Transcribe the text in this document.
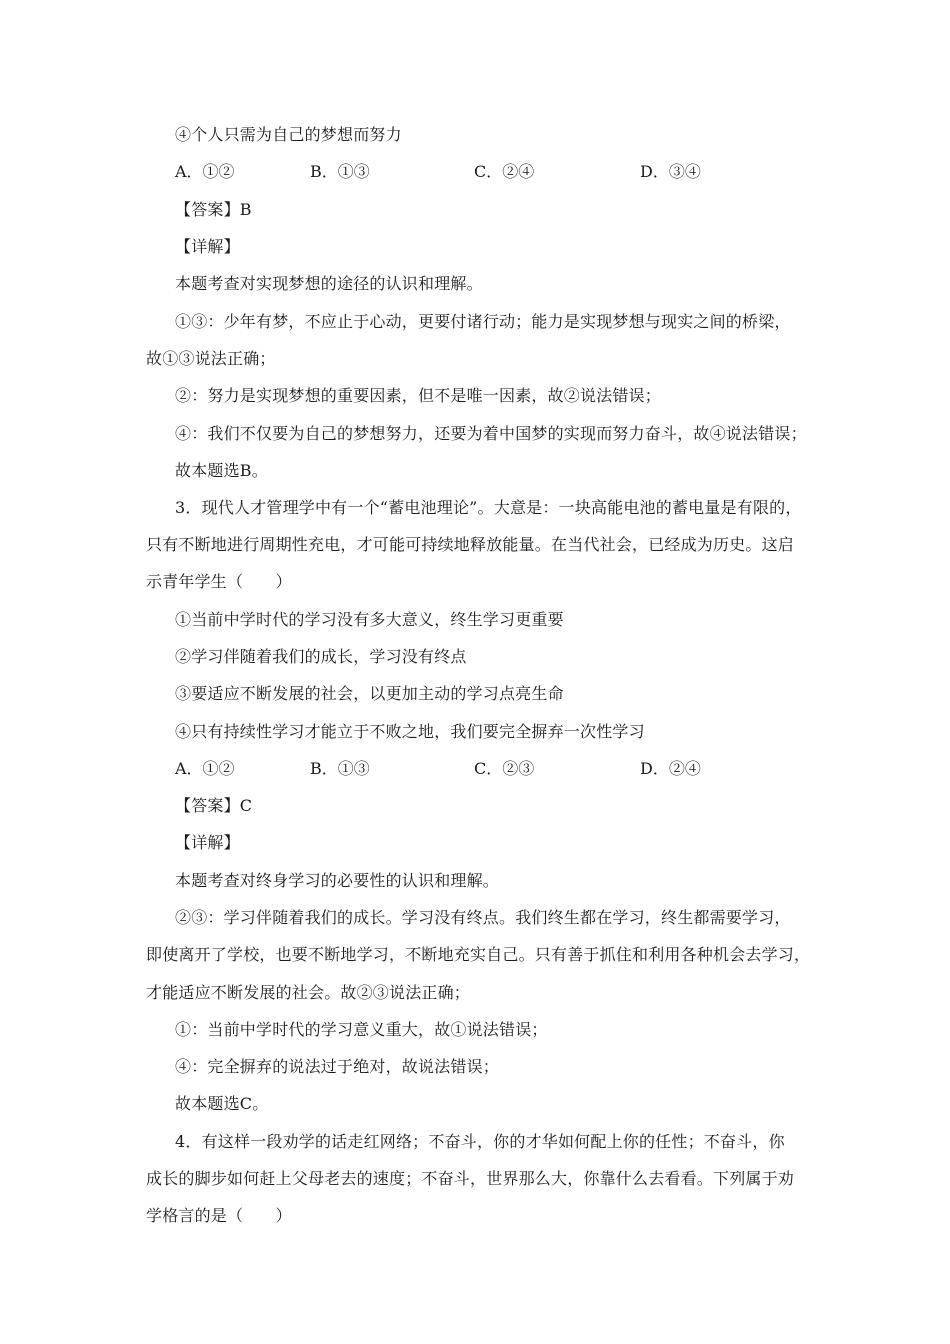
④个人只需为自己的梦想而努力
A．①②	B．①③	C．②④	D．③④
【答案】B
【详解】
本题考查对实现梦想的途径的认识和理解。
①③：少年有梦，不应止于心动，更要付诸行动；能力是实现梦想与现实之间的桥梁，
故①③说法正确；
②：努力是实现梦想的重要因素，但不是唯一因素，故②说法错误；
④：我们不仅要为自己的梦想努力，还要为着中国梦的实现而努力奋斗，故④说法错误；
故本题选B。
3．现代人才管理学中有一个“蓄电池理论”。大意是：一块高能电池的蓄电量是有限的，
只有不断地进行周期性充电，才可能可持续地释放能量。在当代社会，已经成为历史。这启
示青年学生（　　）
①当前中学时代的学习没有多大意义，终生学习更重要
②学习伴随着我们的成长，学习没有终点
③要适应不断发展的社会，以更加主动的学习点亮生命
④只有持续性学习才能立于不败之地，我们要完全摒弃一次性学习
A．①②	B．①③	C．②③	D．②④
【答案】C
【详解】
本题考查对终身学习的必要性的认识和理解。
②③：学习伴随着我们的成长。学习没有终点。我们终生都在学习，终生都需要学习，
即使离开了学校，也要不断地学习，不断地充实自己。只有善于抓住和利用各种机会去学习，
才能适应不断发展的社会。故②③说法正确；
①：当前中学时代的学习意义重大，故①说法错误；
④：完全摒弃的说法过于绝对，故说法错误；
故本题选C。
4．有这样一段劝学的话走红网络；不奋斗，你的才华如何配上你的任性；不奋斗，你
成长的脚步如何赶上父母老去的速度；不奋斗，世界那么大，你靠什么去看看。下列属于劝
学格言的是（　　）
